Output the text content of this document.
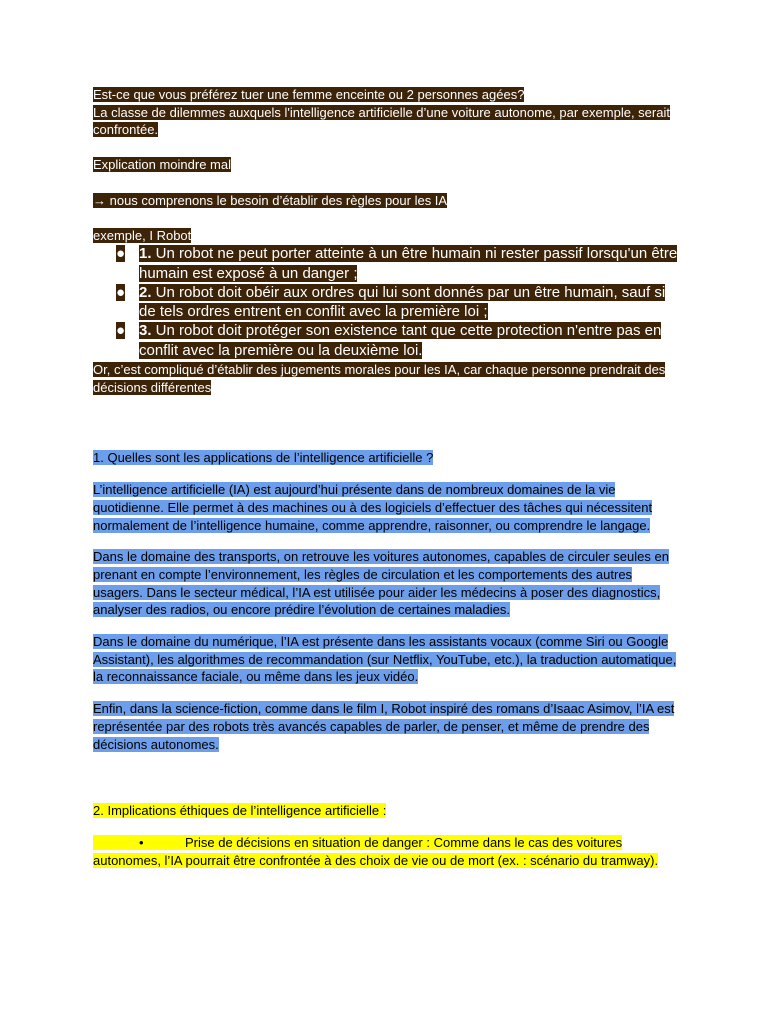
Est-ce que vous préférez tuer une femme enceinte ou 2 personnes agées?

La classe de dilemmes auxquels l'intelligence artificielle d’une voiture autonome, par exemple, serait confrontée.

Explication moindre mal

→ nous comprenons le besoin d’établir des règles pour les IA

exemple, I Robot

● 1. Un robot ne peut porter atteinte à un être humain ni rester passif lorsqu'un être humain est exposé à un danger ;
● 2. Un robot doit obéir aux ordres qui lui sont donnés par un être humain, sauf si de tels ordres entrent en conflit avec la première loi ;
● 3. Un robot doit protéger son existence tant que cette protection n'entre pas en conflit avec la première ou la deuxième loi.

Or, c’est compliqué d’établir des jugements morales pour les IA, car chaque personne prendrait des décisions différentes

1. Quelles sont les applications de l’intelligence artificielle ?

L’intelligence artificielle (IA) est aujourd’hui présente dans de nombreux domaines de la vie quotidienne. Elle permet à des machines ou à des logiciels d’effectuer des tâches qui nécessitent normalement de l’intelligence humaine, comme apprendre, raisonner, ou comprendre le langage.

Dans le domaine des transports, on retrouve les voitures autonomes, capables de circuler seules en prenant en compte l’environnement, les règles de circulation et les comportements des autres usagers. Dans le secteur médical, l’IA est utilisée pour aider les médecins à poser des diagnostics, analyser des radios, ou encore prédire l’évolution de certaines maladies.

Dans le domaine du numérique, l’IA est présente dans les assistants vocaux (comme Siri ou Google Assistant), les algorithmes de recommandation (sur Netflix, YouTube, etc.), la traduction automatique, la reconnaissance faciale, ou même dans les jeux vidéo.

Enfin, dans la science-fiction, comme dans le film I, Robot inspiré des romans d’Isaac Asimov, l’IA est représentée par des robots très avancés capables de parler, de penser, et même de prendre des décisions autonomes.

2. Implications éthiques de l’intelligence artificielle :

•	Prise de décisions en situation de danger : Comme dans le cas des voitures autonomes, l’IA pourrait être confrontée à des choix de vie ou de mort (ex. : scénario du tramway).
